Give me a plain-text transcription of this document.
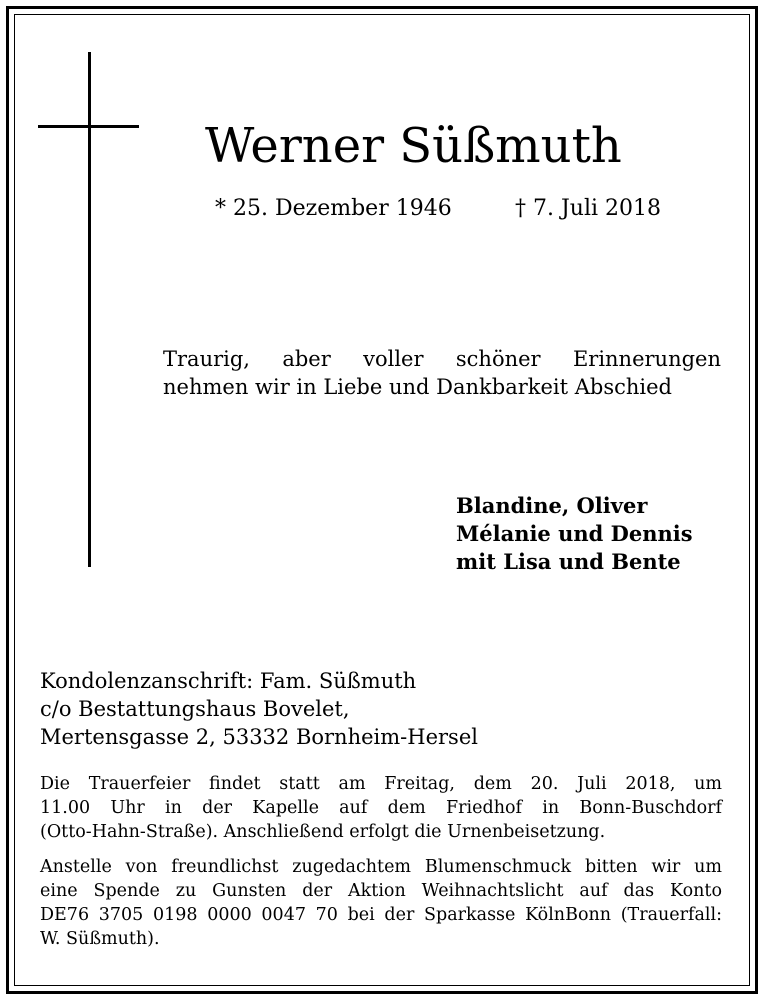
Werner Süßmuth
* 25. Dezember 1946	† 7. Juli 2018
Traurig, aber voller schöner Erinnerungen
nehmen wir in Liebe und Dankbarkeit Abschied
Blandine, Oliver
Mélanie und Dennis
mit Lisa und Bente
Kondolenzanschrift: Fam. Süßmuth
c/o Bestattungshaus Bovelet,
Mertensgasse 2, 53332 Bornheim-Hersel
Die Trauerfeier findet statt am Freitag, dem 20. Juli 2018, um
11.00 Uhr in der Kapelle auf dem Friedhof in Bonn-Buschdorf
(Otto-Hahn-Straße). Anschließend erfolgt die Urnenbeisetzung.
Anstelle von freundlichst zugedachtem Blumenschmuck bitten wir um
eine Spende zu Gunsten der Aktion Weihnachtslicht auf das Konto
DE76 3705 0198 0000 0047 70 bei der Sparkasse KölnBonn (Trauerfall:
W. Süßmuth).
